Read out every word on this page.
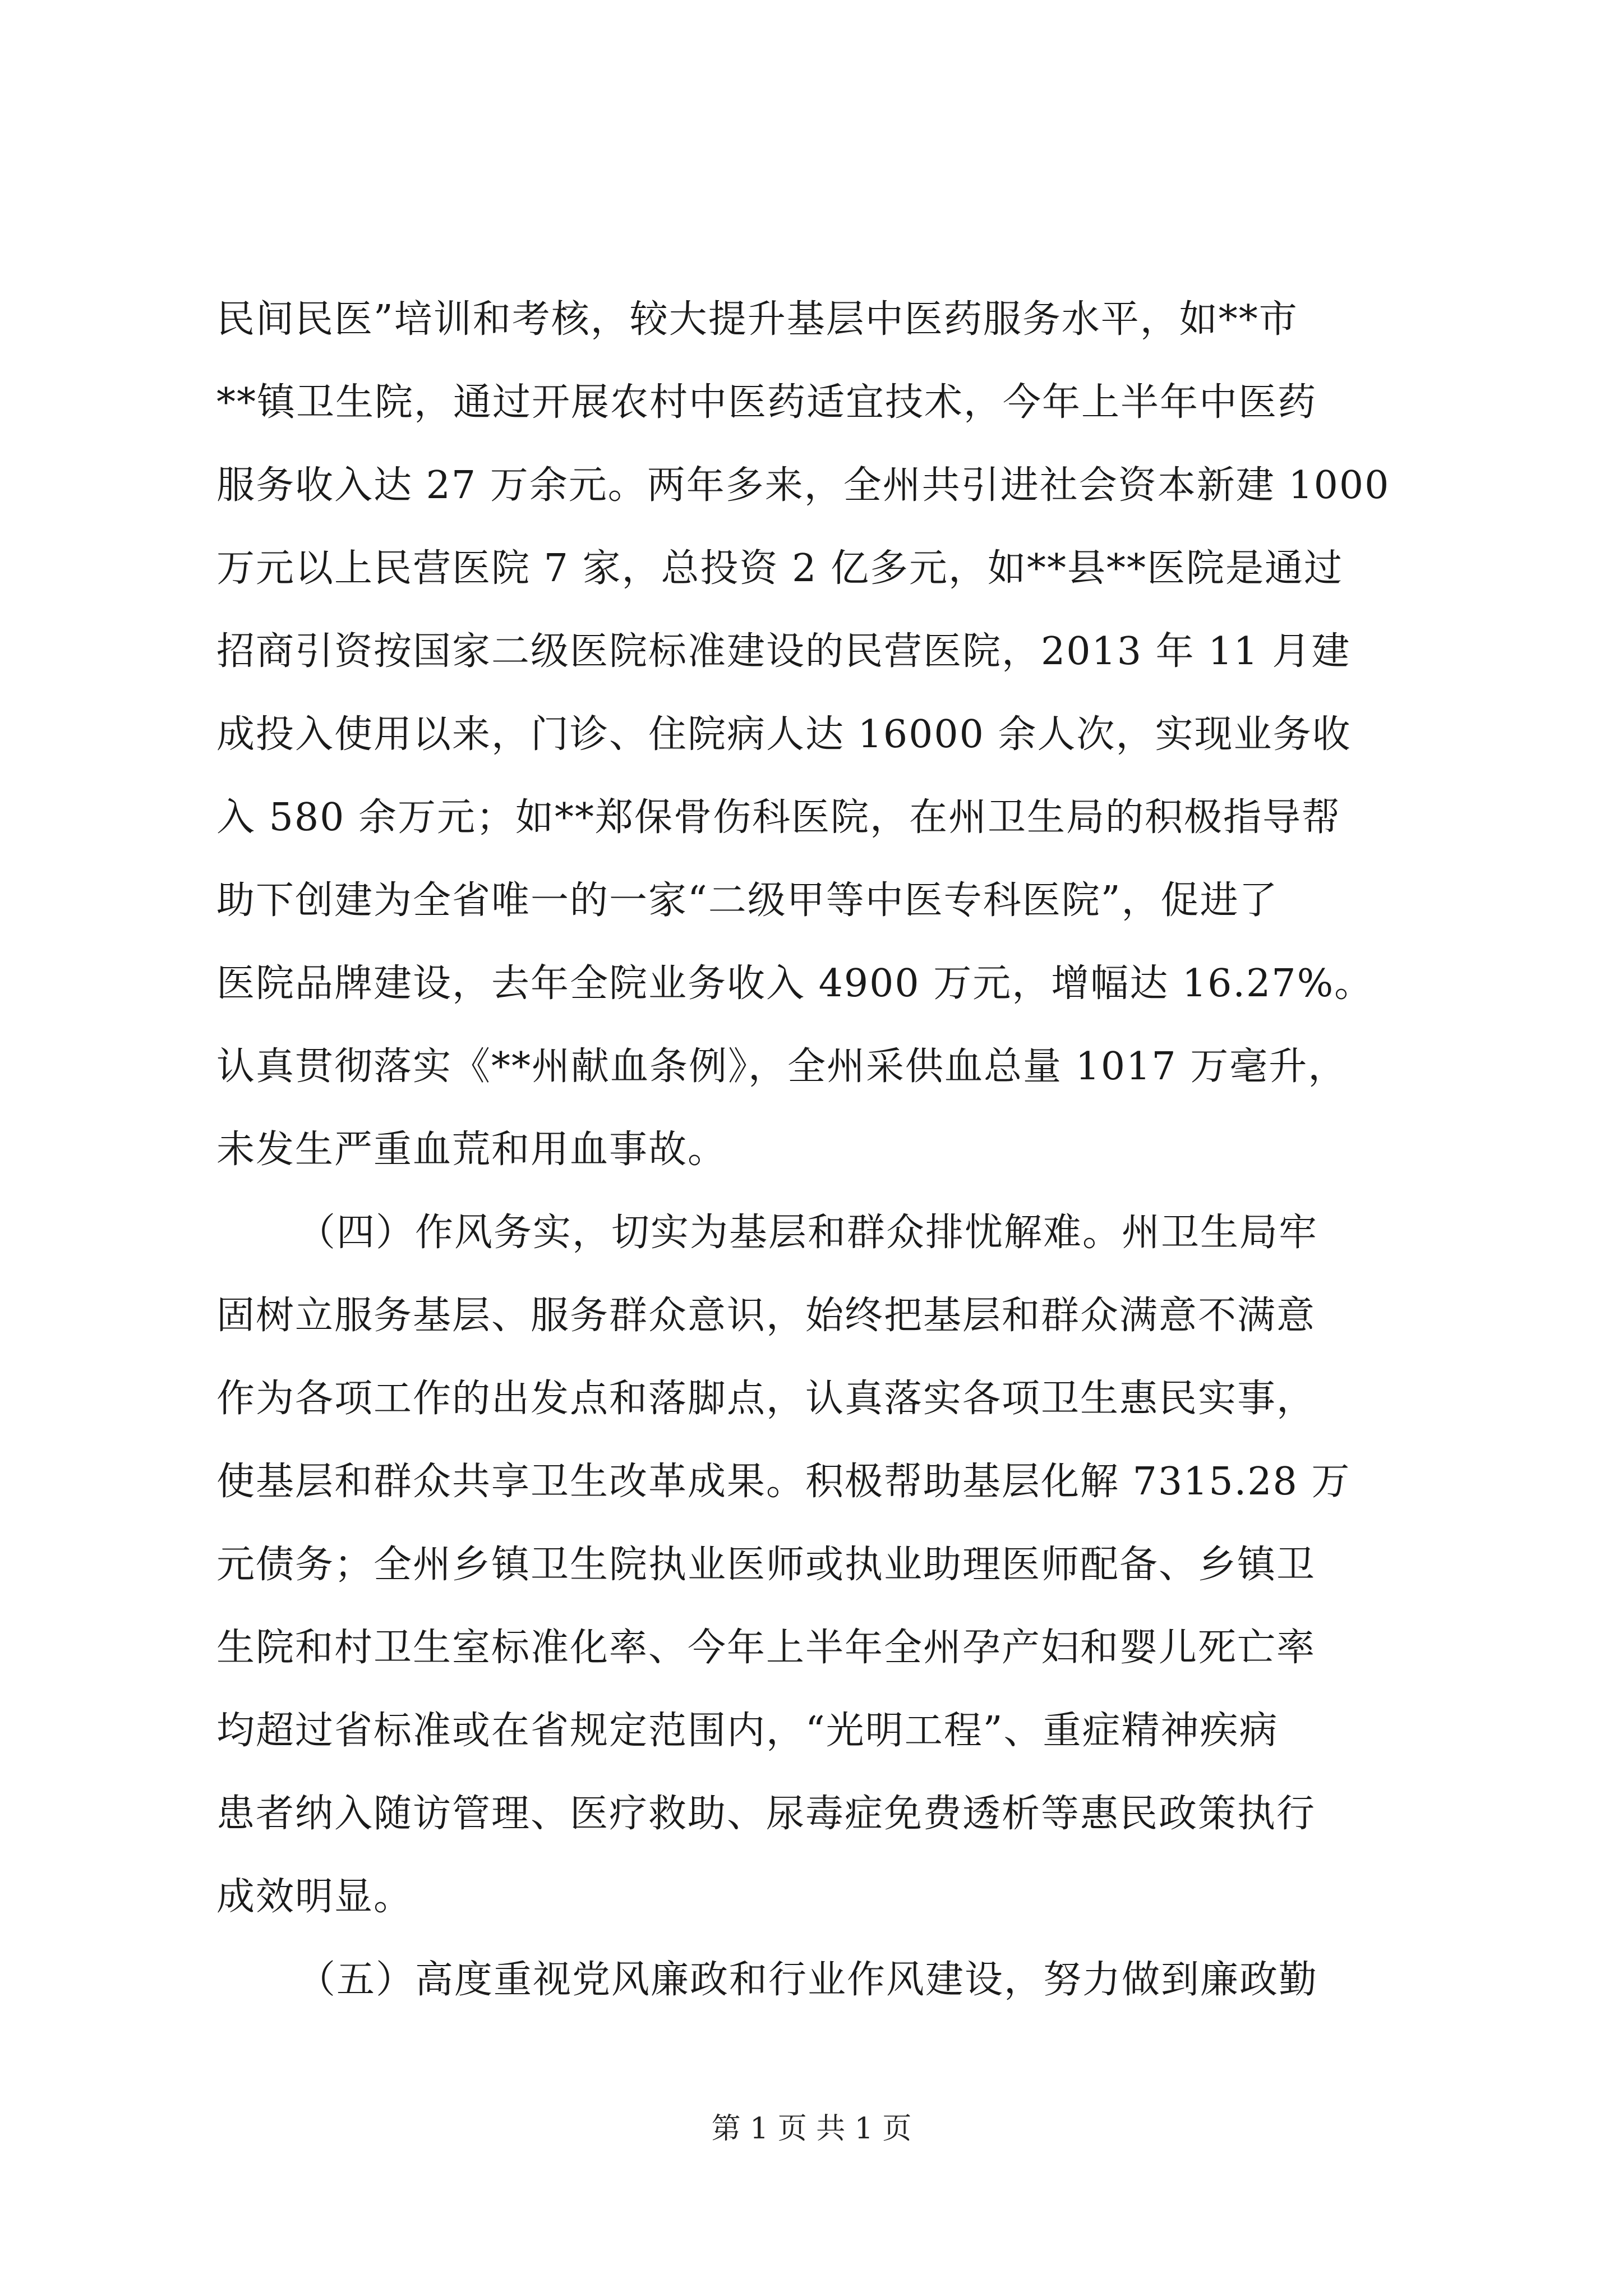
民间民医”培训和考核，较大提升基层中医药服务水平，如**市
**镇卫生院，通过开展农村中医药适宜技术，今年上半年中医药
服务收入达 27 万余元。两年多来，全州共引进社会资本新建 1000
万元以上民营医院 7 家，总投资 2 亿多元，如**县**医院是通过
招商引资按国家二级医院标准建设的民营医院，2013 年 11 月建
成投入使用以来，门诊、住院病人达 16000 余人次，实现业务收
入 580 余万元；如**郑保骨伤科医院，在州卫生局的积极指导帮
助下创建为全省唯一的一家“二级甲等中医专科医院”，促进了
医院品牌建设，去年全院业务收入 4900 万元，增幅达 16.27%。
认真贯彻落实《**州献血条例》，全州采供血总量 1017 万毫升，
未发生严重血荒和用血事故。
（四）作风务实，切实为基层和群众排忧解难。州卫生局牢
固树立服务基层、服务群众意识，始终把基层和群众满意不满意
作为各项工作的出发点和落脚点，认真落实各项卫生惠民实事，
使基层和群众共享卫生改革成果。积极帮助基层化解 7315.28 万
元债务；全州乡镇卫生院执业医师或执业助理医师配备、乡镇卫
生院和村卫生室标准化率、今年上半年全州孕产妇和婴儿死亡率
均超过省标准或在省规定范围内，“光明工程”、重症精神疾病
患者纳入随访管理、医疗救助、尿毒症免费透析等惠民政策执行
成效明显。
（五）高度重视党风廉政和行业作风建设，努力做到廉政勤
第 1 页 共 1 页
